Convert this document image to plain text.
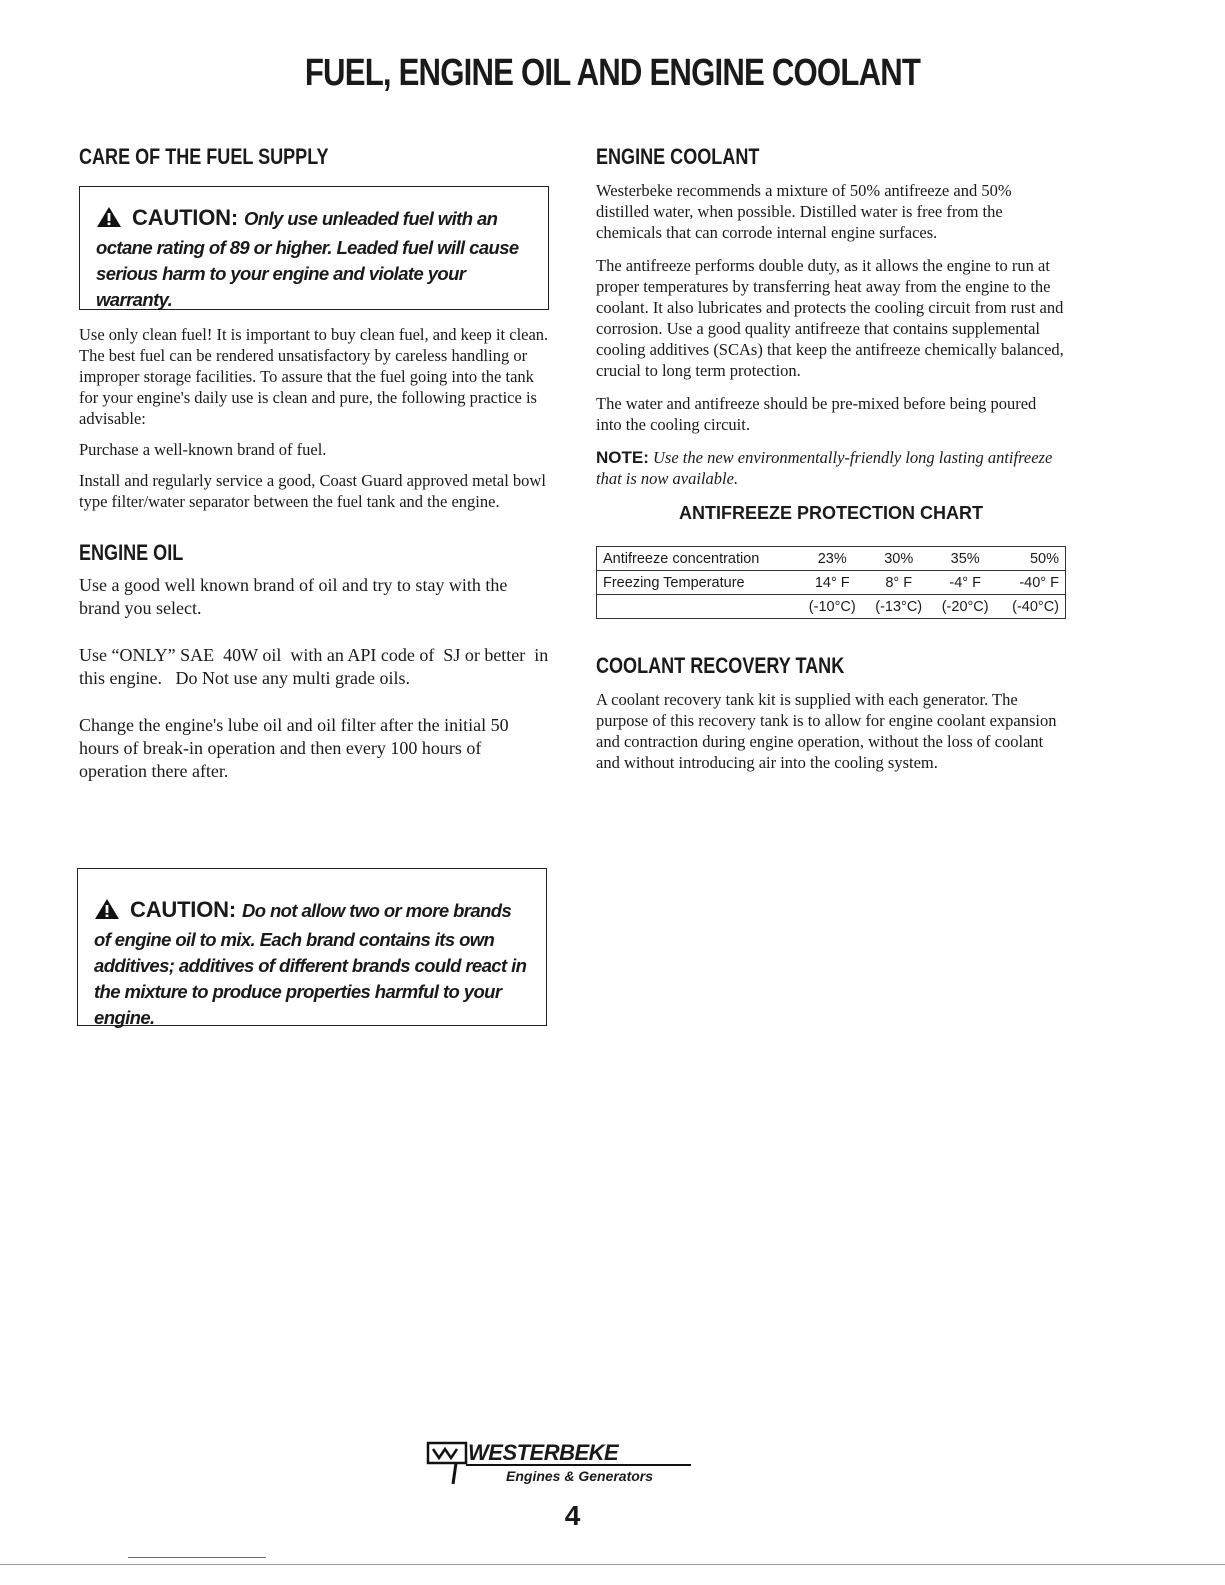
FUEL, ENGINE OIL AND ENGINE COOLANT
CARE OF THE FUEL SUPPLY
CAUTION: Only use unleaded fuel with an octane rating of 89 or higher. Leaded fuel will cause serious harm to your engine and violate your warranty.

Use only clean fuel! It is important to buy clean fuel, and keep it clean. The best fuel can be rendered unsatisfactory by careless handling or improper storage facilities. To assure that the fuel going into the tank for your engine's daily use is clean and pure, the following practice is advisable:

Purchase a well-known brand of fuel.

Install and regularly service a good, Coast Guard approved metal bowl type filter/water separator between the fuel tank and the engine.

ENGINE OIL

Use a good well known brand of oil and try to stay with the brand you select.

Use “ONLY” SAE  40W oil  with an API code of  SJ or better  in this engine.   Do Not use any multi grade oils.

Change the engine's lube oil and oil filter after the initial 50 hours of break-in operation and then every 100 hours of operation there after.

CAUTION: Do not allow two or more brands of engine oil to mix. Each brand contains its own additives; additives of different brands could react in the mixture to produce properties harmful to your engine.
ENGINE COOLANT

Westerbeke recommends a mixture of 50% antifreeze and 50% distilled water, when possible. Distilled water is free from the chemicals that can corrode internal engine surfaces.

The antifreeze performs double duty, as it allows the engine to run at proper temperatures by transferring heat away from the engine to the coolant. It also lubricates and protects the cooling circuit from rust and corrosion. Use a good quality antifreeze that contains supplemental cooling additives (SCAs) that keep the antifreeze chemically balanced, crucial to long term protection.

The water and antifreeze should be pre-mixed before being poured into the cooling circuit.

NOTE: Use the new environmentally-friendly long lasting antifreeze that is now available.

ANTIFREEZE PROTECTION CHART
Antifreeze concentration	23%	30%	35%	50%
Freezing Temperature	14° F	8° F	-4° F	-40° F
	(-10°C)	(-13°C)	(-20°C)	(-40°C)
COOLANT RECOVERY TANK

A coolant recovery tank kit is supplied with each generator. The purpose of this recovery tank is to allow for engine coolant expansion and contraction during engine operation, without the loss of coolant and without introducing air into the cooling system.

WESTERBEKE
Engines & Generators
4
